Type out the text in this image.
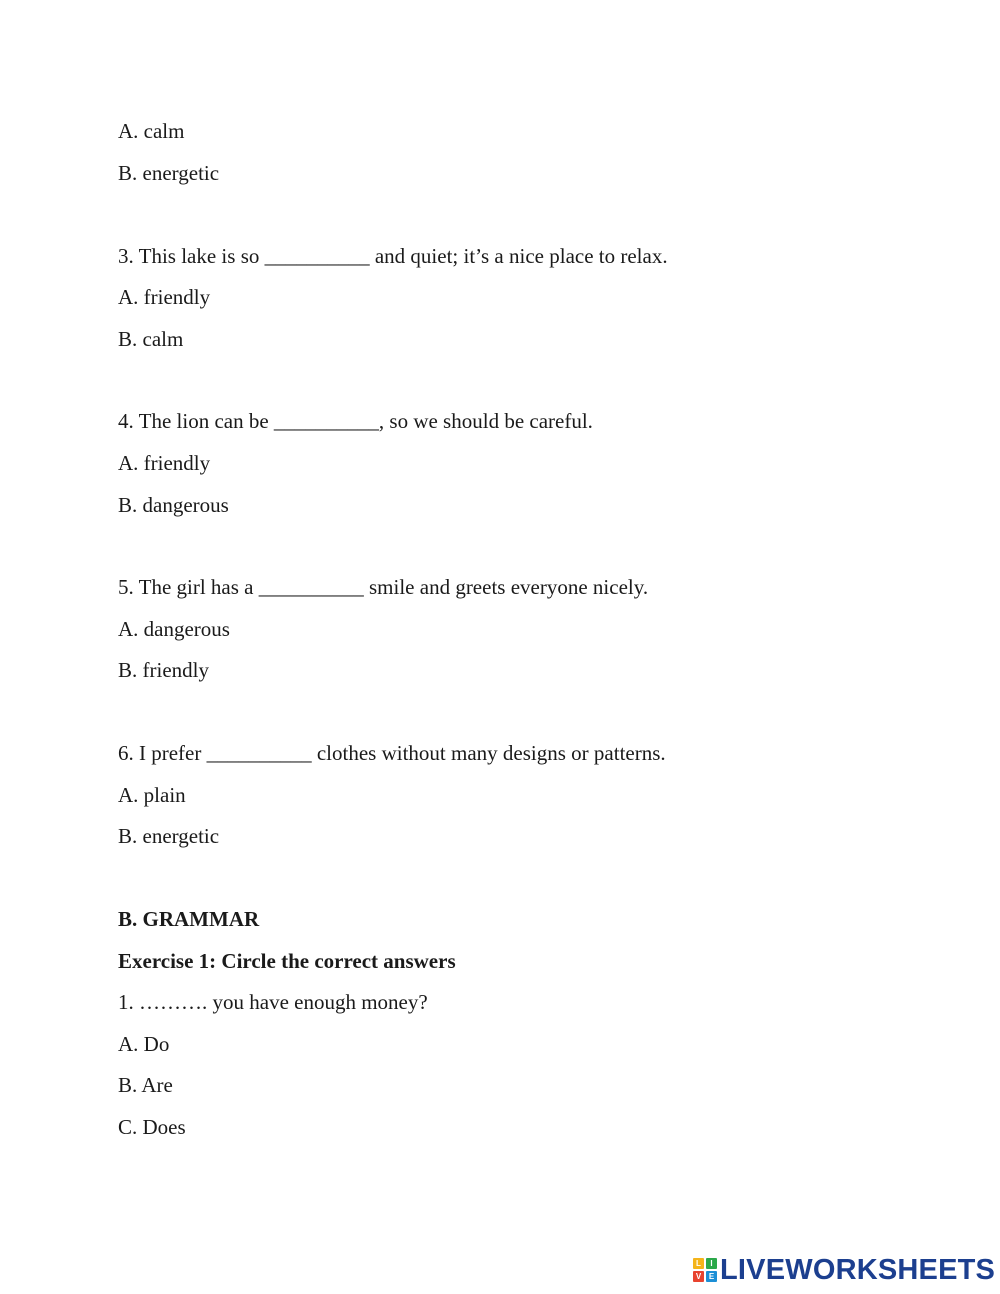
A. calm
B. energetic
3. This lake is so __________ and quiet; it’s a nice place to relax.
A. friendly
B. calm
4. The lion can be __________, so we should be careful.
A. friendly
B. dangerous
5. The girl has a __________ smile and greets everyone nicely.
A. dangerous
B. friendly
6. I prefer __________ clothes without many designs or patterns.
A. plain
B. energetic
B. GRAMMAR
Exercise 1: Circle the correct answers
1. ………. you have enough money?
A. Do
B. Are
C. Does
L	I
V E LIVEWORKSHEETS
